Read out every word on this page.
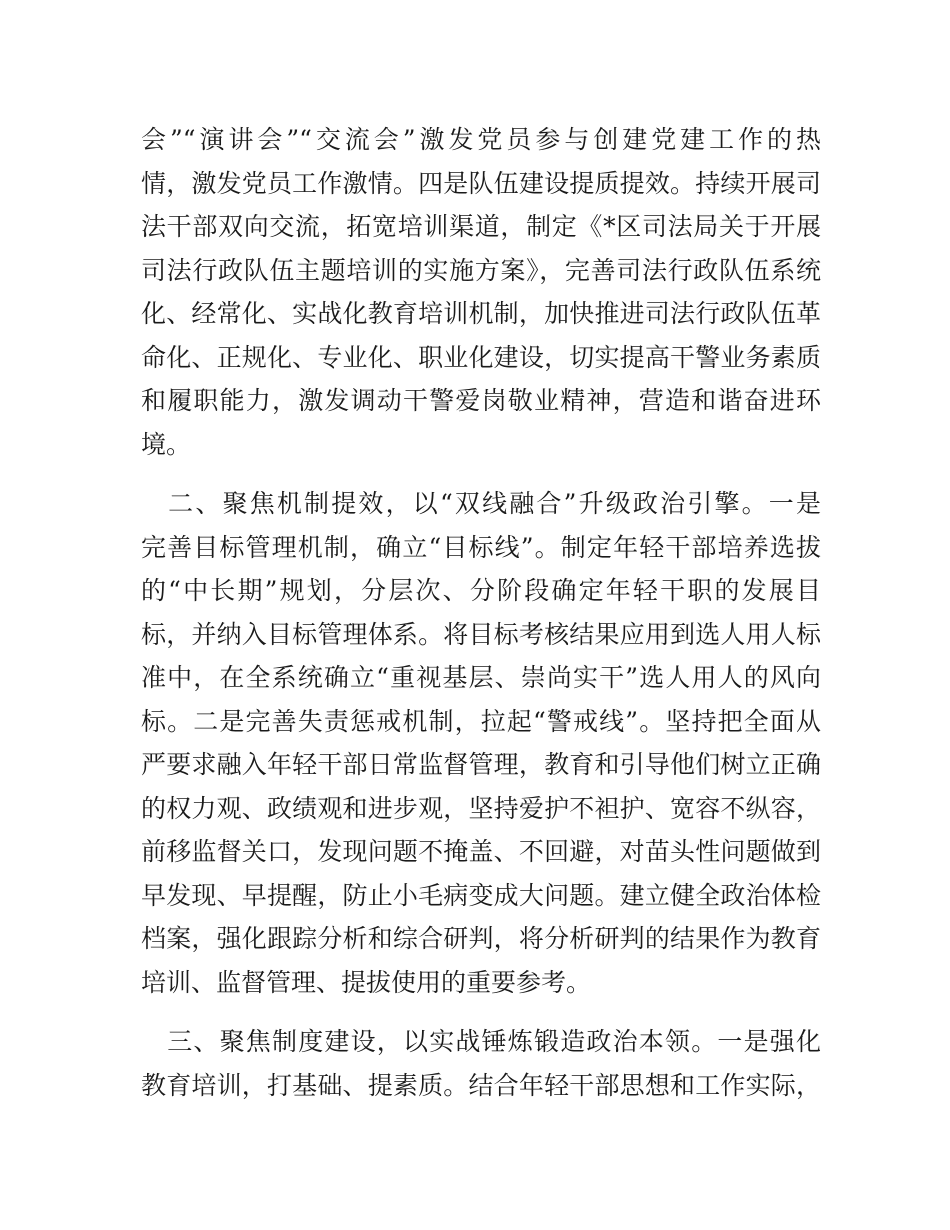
会”“演讲会”“交流会”激发党员参与创建党建工作的热
情，激发党员工作激情。四是队伍建设提质提效。持续开展司
法干部双向交流，拓宽培训渠道，制定《*区司法局关于开展
司法行政队伍主题培训的实施方案》，完善司法行政队伍系统
化、经常化、实战化教育培训机制，加快推进司法行政队伍革
命化、正规化、专业化、职业化建设，切实提高干警业务素质
和履职能力，激发调动干警爱岗敬业精神，营造和谐奋进环
境。
　二、聚焦机制提效，以“双线融合”升级政治引擎。一是
完善目标管理机制，确立“目标线”。制定年轻干部培养选拔
的“中长期”规划，分层次、分阶段确定年轻干职的发展目
标，并纳入目标管理体系。将目标考核结果应用到选人用人标
准中，在全系统确立“重视基层、崇尚实干”选人用人的风向
标。二是完善失责惩戒机制，拉起“警戒线”。坚持把全面从
严要求融入年轻干部日常监督管理，教育和引导他们树立正确
的权力观、政绩观和进步观，坚持爱护不袒护、宽容不纵容，
前移监督关口，发现问题不掩盖、不回避，对苗头性问题做到
早发现、早提醒，防止小毛病变成大问题。建立健全政治体检
档案，强化跟踪分析和综合研判，将分析研判的结果作为教育
培训、监督管理、提拔使用的重要参考。
　三、聚焦制度建设，以实战锤炼锻造政治本领。一是强化
教育培训，打基础、提素质。结合年轻干部思想和工作实际，
